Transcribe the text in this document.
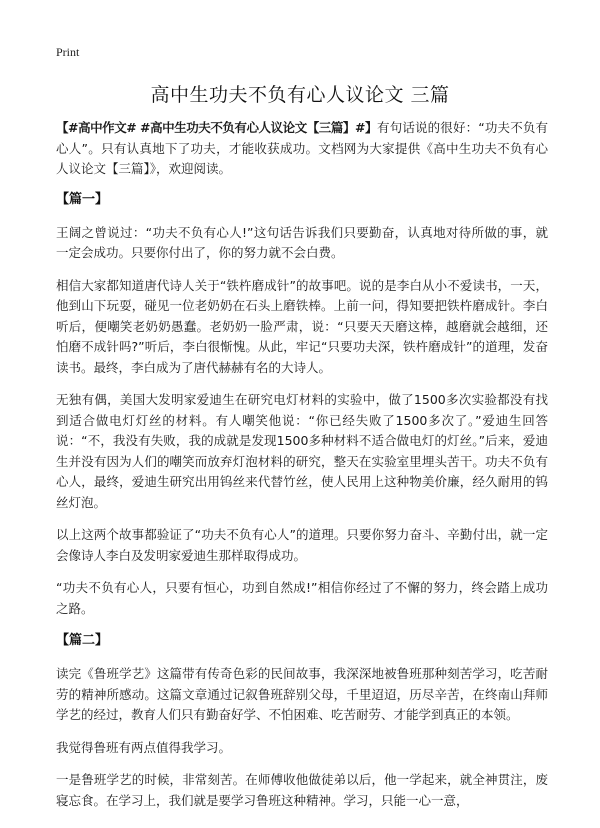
Print
高中生功夫不负有心人议论文 三篇

【#高中作文# #高中生功夫不负有心人议论文【三篇】#】有句话说的很好：“功夫不负有心人”。只有认真地下了功夫，才能收获成功。文档网为大家提供《高中生功夫不负有心人议论文【三篇】》，欢迎阅读。

【篇一】

王阔之曾说过：“功夫不负有心人!”这句话告诉我们只要勤奋，认真地对待所做的事，就一定会成功。只要你付出了，你的努力就不会白费。

相信大家都知道唐代诗人关于“铁杵磨成针”的故事吧。说的是李白从小不爱读书，一天，他到山下玩耍，碰见一位老奶奶在石头上磨铁棒。上前一问，得知要把铁杵磨成针。李白听后，便嘲笑老奶奶愚蠢。老奶奶一脸严肃，说：“只要天天磨这棒，越磨就会越细，还怕磨不成针吗?”听后，李白很惭愧。从此，牢记“只要功夫深，铁杵磨成针”的道理，发奋读书。最终，李白成为了唐代赫赫有名的大诗人。

无独有偶，美国大发明家爱迪生在研究电灯材料的实验中，做了1500多次实验都没有找到适合做电灯灯丝的材料。有人嘲笑他说：“你已经失败了1500多次了。”爱迪生回答说：“不，我没有失败，我的成就是发现1500多种材料不适合做电灯的灯丝。”后来，爱迪生并没有因为人们的嘲笑而放弃灯泡材料的研究，整天在实验室里埋头苦干。功夫不负有心人，最终，爱迪生研究出用钨丝来代替竹丝，使人民用上这种物美价廉，经久耐用的钨丝灯泡。

以上这两个故事都验证了“功夫不负有心人”的道理。只要你努力奋斗、辛勤付出，就一定会像诗人李白及发明家爱迪生那样取得成功。

“功夫不负有心人，只要有恒心，功到自然成!”相信你经过了不懈的努力，终会踏上成功之路。

【篇二】

读完《鲁班学艺》这篇带有传奇色彩的民间故事，我深深地被鲁班那种刻苦学习，吃苦耐劳的精神所感动。这篇文章通过记叙鲁班辞别父母，千里迢迢，历尽辛苦，在终南山拜师学艺的经过，教育人们只有勤奋好学、不怕困难、吃苦耐劳、才能学到真正的本领。

我觉得鲁班有两点值得我学习。

一是鲁班学艺的时候，非常刻苦。在师傅收他做徒弟以后，他一学起来，就全神贯注，废寝忘食。在学习上，我们就是要学习鲁班这种精神。学习，只能一心一意，
